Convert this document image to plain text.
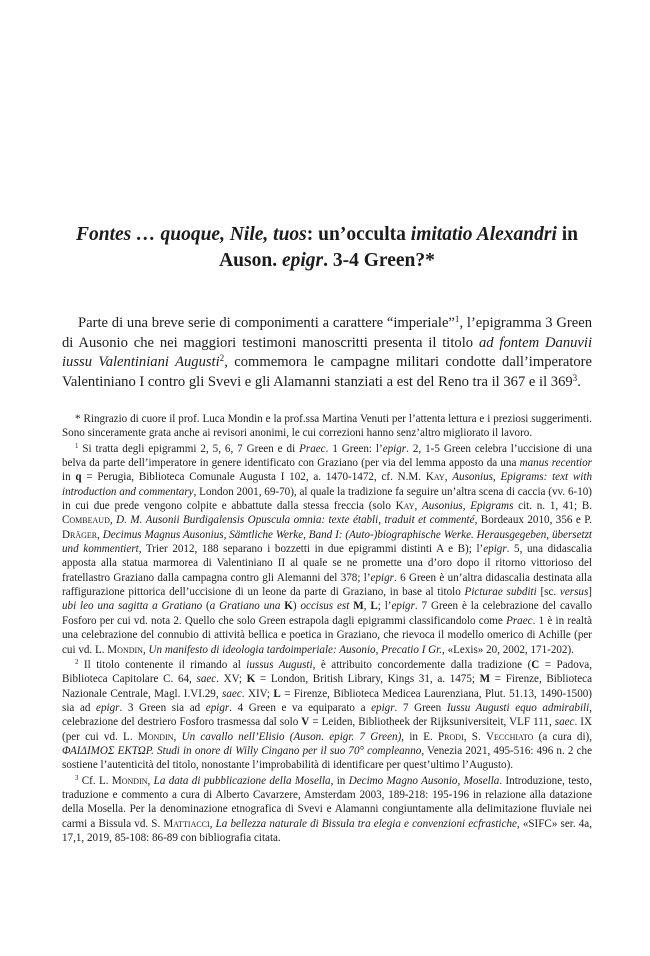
Fontes … quoque, Nile, tuos: un’occulta imitatio Alexandri in
Auson. epigr. 3-4 Green?*

Parte di una breve serie di componimenti a carattere “imperiale”$^1$, l’epigramma 3 Green di Ausonio che nei maggiori testimoni manoscritti presenta il titolo ad fontem Danuvii iussu Valentiniani Augusti$^2$, commemora le campagne militari condotte dall’imperatore Valentiniano I contro gli Svevi e gli Alamanni stanziati a est del Reno tra il 367 e il $369^3$.

* Ringrazio di cuore il prof. Luca Mondin e la prof.ssa Martina Venuti per l’attenta lettura e i preziosi suggerimenti. Sono sinceramente grata anche ai revisori anonimi, le cui correzioni hanno senz’altro migliorato il lavoro.

$^1$ Si tratta degli epigrammi 2, 5, 6, 7 Green e di Praec. 1 Green: l’epigr. 2, 1-5 Green celebra l’uccisione di una belva da parte dell’imperatore in genere identificato con Graziano (per via del lemma apposto da una manus recentior in q = Perugia, Biblioteca Comunale Augusta I 102, a. 1470-1472, cf. N.M. Kay, Ausonius, Epigrams: text with introduction and commentary, London 2001, 69-70), al quale la tradizione fa seguire un’altra scena di caccia (vv. 6-10) in cui due prede vengono colpite e abbattute dalla stessa freccia (solo Kay, Ausonius, Epigrams cit. n. 1, 41; B. Combeaud, D. M. Ausonii Burdigalensis Opuscula omnia: texte établi, traduit et commenté, Bordeaux 2010, 356 e P. Dräger, Decimus Magnus Ausonius, Sämtliche Werke, Band I: (Auto-)biographische Werke. Herausgegeben, übersetzt und kommentiert, Trier 2012, 188 separano i bozzetti in due epigrammi distinti A e B); l’epigr. 5, una didascalia apposta alla statua marmorea di Valentiniano II al quale se ne promette una d’oro dopo il ritorno vittorioso del fratellastro Graziano dalla campagna contro gli Alemanni del 378; l’epigr. 6 Green è un’altra didascalia destinata alla raffigurazione pittorica dell’uccisione di un leone da parte di Graziano, in base al titolo Picturae subditi [sc. versus] ubi leo una sagitta a Gratiano (a Gratiano una K) occisus est M, L; l’epigr. 7 Green è la celebrazione del cavallo Fosforo per cui vd. nota 2. Quello che solo Green estrapola dagli epigrammi classificandolo come Praec. 1 è in realtà una celebrazione del connubio di attività bellica e poetica in Graziano, che rievoca il modello omerico di Achille (per cui vd. L. Mondin, Un manifesto di ideologia tardoimperiale: Ausonio, Precatio I Gr., «Lexis» 20, 2002, 171-202).

$^2$ Il titolo contenente il rimando al iussus Augusti, è attribuito concordemente dalla tradizione (C = Padova, Biblioteca Capitolare C. 64, saec. XV; K = London, British Library, Kings 31, a. 1475; M = Firenze, Biblioteca Nazionale Centrale, Magl. I.VI.29, saec. XIV; L = Firenze, Biblioteca Medicea Laurenziana, Plut. 51.13, 1490-1500) sia ad epigr. 3 Green sia ad epigr. 4 Green e va equiparato a epigr. 7 Green Iussu Augusti equo admirabili, celebrazione del destriero Fosforo trasmessa dal solo V = Leiden, Bibliotheek der Rijksuniversiteit, VLF 111, saec. IX (per cui vd. L. Mondin, Un cavallo nell’Elisio (Auson. epigr. 7 Green), in E. Prodi, S. Vecchiato (a cura di), ΦΑΙΔΙΜΟΣ ΕΚΤΩΡ. Studi in onore di Willy Cingano per il suo 70° compleanno, Venezia 2021, 495-516: 496 n. 2 che sostiene l’autenticità del titolo, nonostante l’improbabilità di identificare per quest’ultimo l’Augusto).

$^3$ Cf. L. Mondin, La data di pubblicazione della Mosella, in Decimo Magno Ausonio, Mosella. Introduzione, testo, traduzione e commento a cura di Alberto Cavarzere, Amsterdam 2003, 189-218: 195-196 in relazione alla datazione della Mosella. Per la denominazione etnografica di Svevi e Alamanni congiuntamente alla delimitazione fluviale nei carmi a Bissula vd. S. Mattiacci, La bellezza naturale di Bissula tra elegia e convenzioni ecfrastiche, «SIFC» ser. 4a, 17,1, 2019, 85-108: 86-89 con bibliografia citata.
